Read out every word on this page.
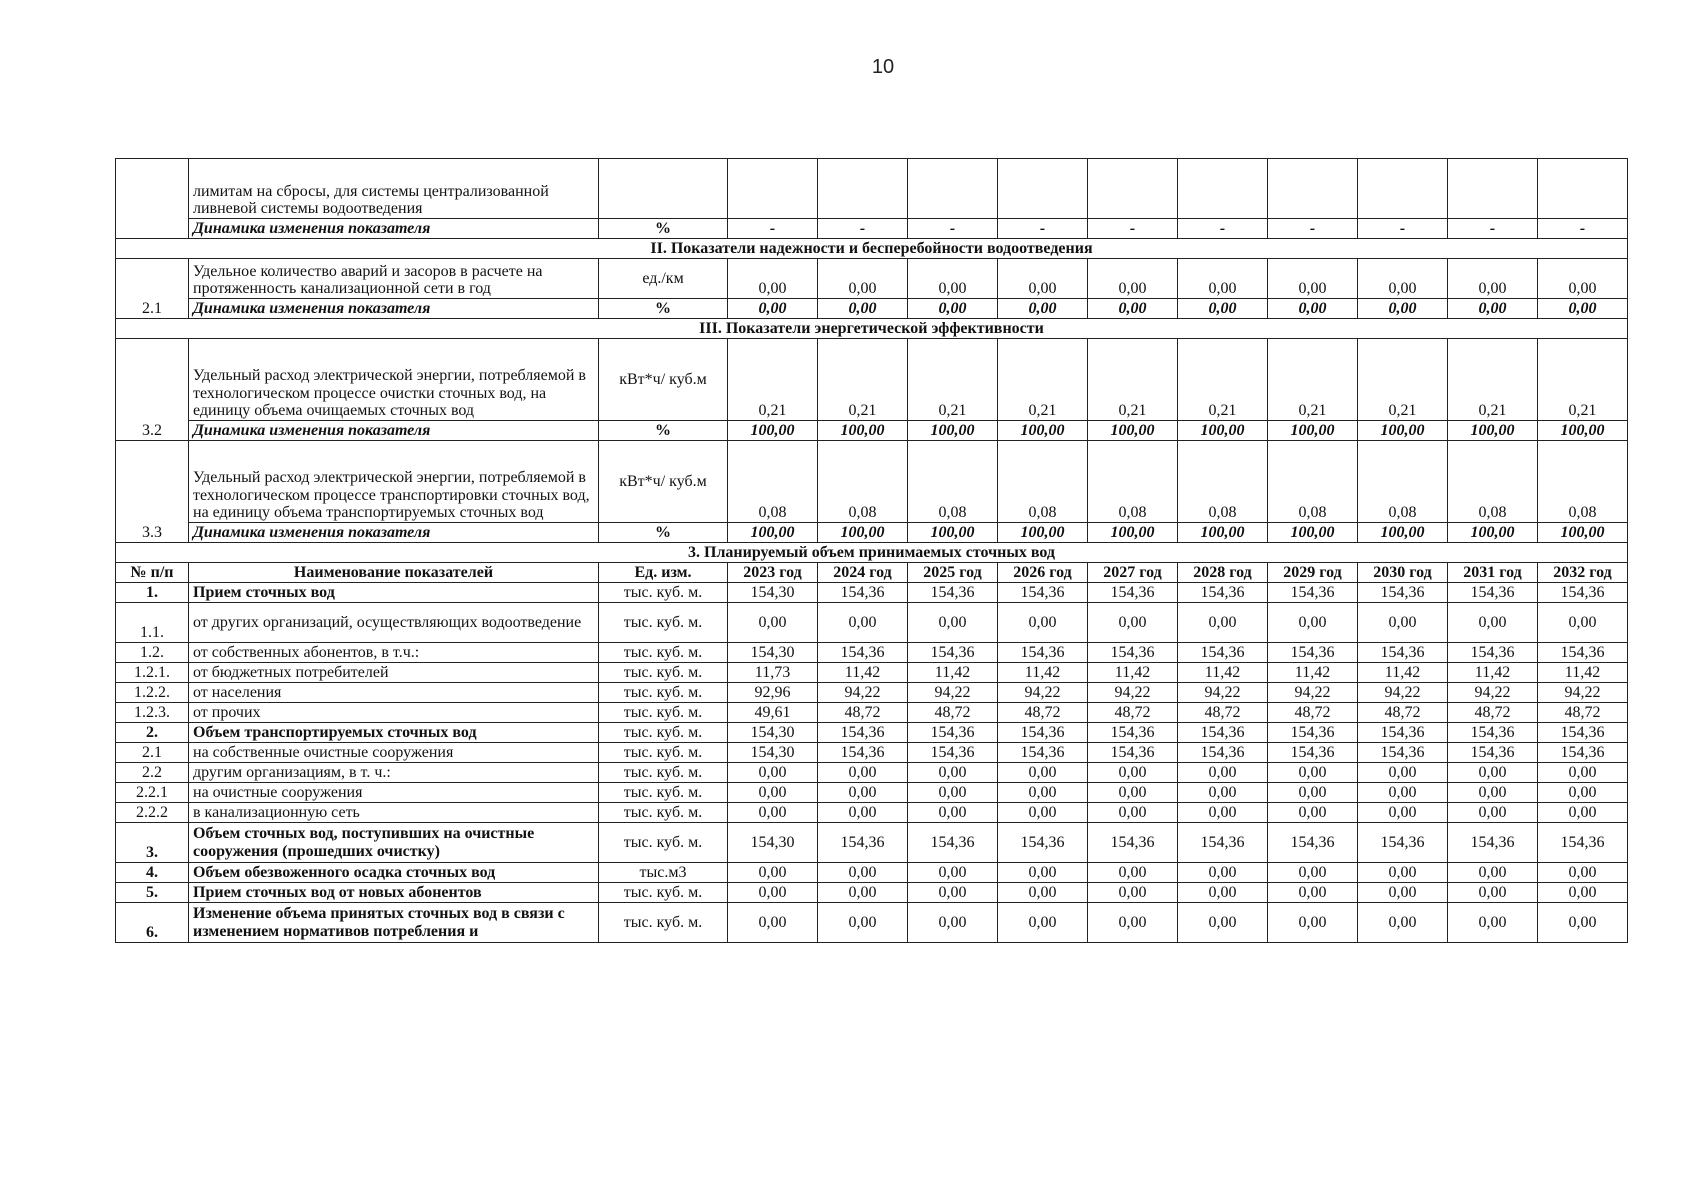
10
	лимитам на сбросы, для системы централизованной ливневой системы водоотведения											
	Динамика изменения показателя	%	-	-	-	-	-	-	-	-	-	-
II. Показатели надежности и бесперебойности водоотведения												
2.1	Удельное количество аварий и засоров в расчете на протяженность канализационной сети в год	ед./км	0,00	0,00	0,00	0,00	0,00	0,00	0,00	0,00	0,00	0,00
	Динамика изменения показателя	%	0,00	0,00	0,00	0,00	0,00	0,00	0,00	0,00	0,00	0,00
III. Показатели энергетической эффективности												
3.2	Удельный расход электрической энергии, потребляемой в технологическом процессе очистки сточных вод, на единицу объема очищаемых сточных вод	кВт*ч/ куб.м	0,21	0,21	0,21	0,21	0,21	0,21	0,21	0,21	0,21	0,21
	Динамика изменения показателя	%	100,00	100,00	100,00	100,00	100,00	100,00	100,00	100,00	100,00	100,00
3.3	Удельный расход электрической энергии, потребляемой в технологическом процессе транспортировки сточных вод, на единицу объема транспортируемых сточных вод	кВт*ч/ куб.м	0,08	0,08	0,08	0,08	0,08	0,08	0,08	0,08	0,08	0,08
	Динамика изменения показателя	%	100,00	100,00	100,00	100,00	100,00	100,00	100,00	100,00	100,00	100,00
3. Планируемый объем принимаемых сточных вод												
№ п/п	Наименование показателей	Ед. изм.	2023 год	2024 год	2025 год	2026 год	2027 год	2028 год	2029 год	2030 год	2031 год	2032 год
1.	Прием сточных вод	тыс. куб. м.	154,30	154,36	154,36	154,36	154,36	154,36	154,36	154,36	154,36	154,36
1.1.	от других организаций, осуществляющих водоотведение	тыс. куб. м.	0,00	0,00	0,00	0,00	0,00	0,00	0,00	0,00	0,00	0,00
1.2.	от собственных абонентов, в т.ч.:	тыс. куб. м.	154,30	154,36	154,36	154,36	154,36	154,36	154,36	154,36	154,36	154,36
1.2.1.	от бюджетных потребителей	тыс. куб. м.	11,73	11,42	11,42	11,42	11,42	11,42	11,42	11,42	11,42	11,42
1.2.2.	от населения	тыс. куб. м.	92,96	94,22	94,22	94,22	94,22	94,22	94,22	94,22	94,22	94,22
1.2.3.	от прочих	тыс. куб. м.	49,61	48,72	48,72	48,72	48,72	48,72	48,72	48,72	48,72	48,72
2.	Объем транспортируемых сточных вод	тыс. куб. м.	154,30	154,36	154,36	154,36	154,36	154,36	154,36	154,36	154,36	154,36
2.1	на собственные очистные сооружения	тыс. куб. м.	154,30	154,36	154,36	154,36	154,36	154,36	154,36	154,36	154,36	154,36
2.2	другим организациям, в т. ч.:	тыс. куб. м.	0,00	0,00	0,00	0,00	0,00	0,00	0,00	0,00	0,00	0,00
2.2.1	на очистные сооружения	тыс. куб. м.	0,00	0,00	0,00	0,00	0,00	0,00	0,00	0,00	0,00	0,00
2.2.2	в канализационную сеть	тыс. куб. м.	0,00	0,00	0,00	0,00	0,00	0,00	0,00	0,00	0,00	0,00
3.	Объем сточных вод, поступивших на очистные сооружения (прошедших очистку)	тыс. куб. м.	154,30	154,36	154,36	154,36	154,36	154,36	154,36	154,36	154,36	154,36
4.	Объем обезвоженного осадка сточных вод	тыс.м3	0,00	0,00	0,00	0,00	0,00	0,00	0,00	0,00	0,00	0,00
5.	Прием сточных вод от новых абонентов	тыс. куб. м.	0,00	0,00	0,00	0,00	0,00	0,00	0,00	0,00	0,00	0,00
6.	Изменение объема принятых сточных вод в связи с изменением нормативов потребления и	тыс. куб. м.	0,00	0,00	0,00	0,00	0,00	0,00	0,00	0,00	0,00	0,00
